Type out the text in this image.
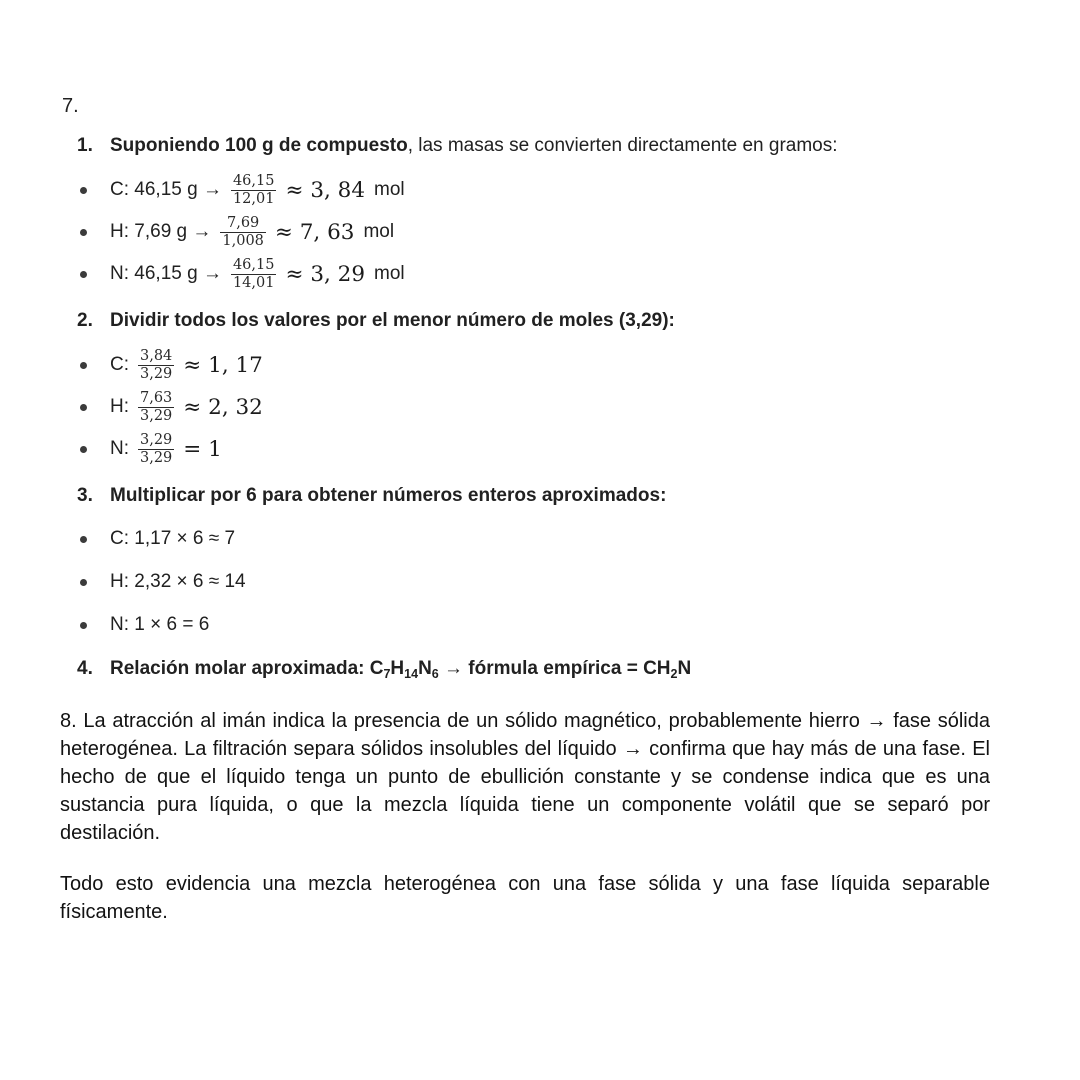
7.
1. Suponiendo 100 g de compuesto, las masas se convierten directamente en gramos:
C: 46,15 $g \to \frac{46,15}{12,01} \approx 3$, 84 mol
H: 7,69 $g \to \frac{7,69}{1,008} \approx 7$, 63 mol
N: 46,15 $g \to \frac{46,15}{14,01} \approx 3$, 29 mol
2. Dividir todos los valores por el menor número de moles (3,29):
C: $\frac{3,84}{3,29} \approx 1$, 17
H: $\frac{7,63}{3,29} \approx 2$, 32
N: $\frac{3,29}{3,29} = 1$
3. Multiplicar por 6 para obtener números enteros aproximados:
C: 1,17 × 6 ≈ 7
H: 2,32 × 6 ≈ 14
N: 1 × 6 = 6
4. Relación molar aproximada: $C_7H_{14}N_6$ → fórmula empírica = $CH_2N$

8. La atracción al imán indica la presencia de un sólido magnético, probablemente hierro → fase sólida heterogénea. La filtración separa sólidos insolubles del líquido → confirma que hay más de una fase. El hecho de que el líquido tenga un punto de ebullición constante y se condense indica que es una sustancia pura líquida, o que la mezcla líquida tiene un componente volátil que se separó por destilación.

Todo esto evidencia una mezcla heterogénea con una fase sólida y una fase líquida separable físicamente.
